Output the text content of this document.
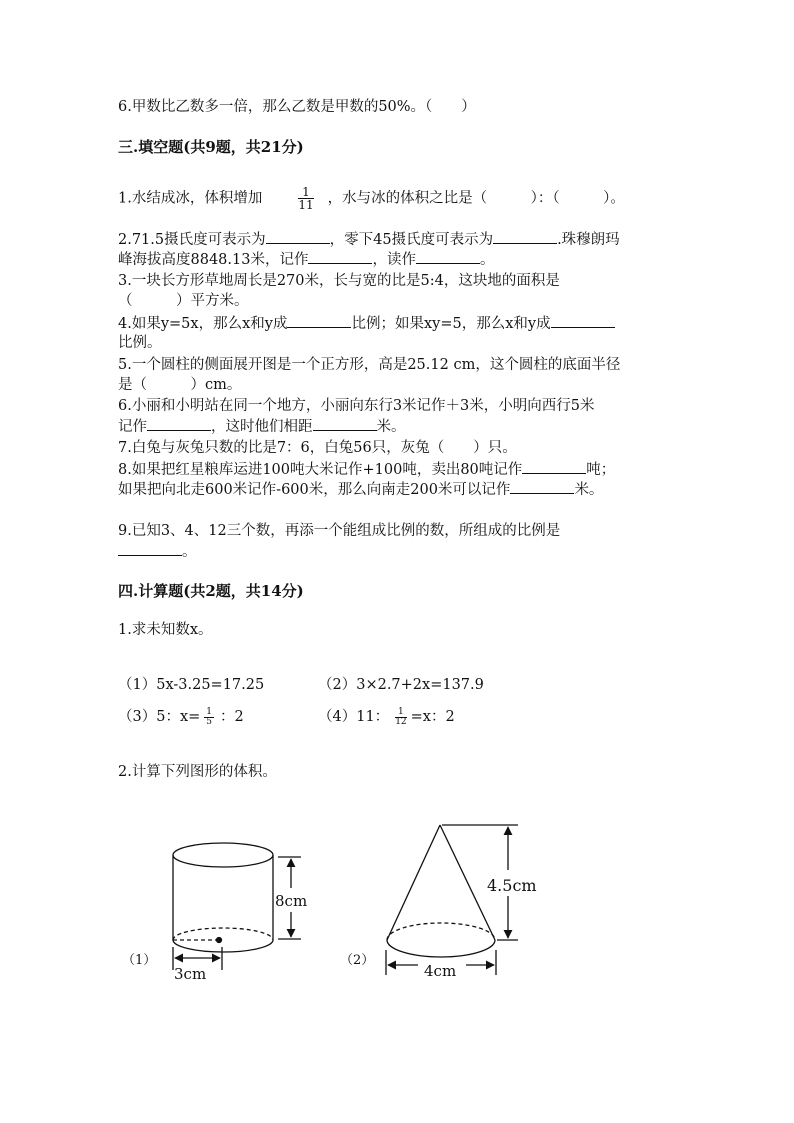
6.甲数比乙数多一倍，那么乙数是甲数的50%。（　　）
三.填空题(共9题，共21分)
1.水结成冰，体积增加	$\frac{1}{11}$ ，水与冰的体积之比是（　　　）：（　　　）。
2.71.5摄氏度可表示为	，零下45摄氏度可表示为	.珠穆朗玛
峰海拔高度8848.13米，记作	，读作	。
3.一块长方形草地周长是270米，长与宽的比是5:4，这块地的面积是
（　　　）平方米。
4.如果y=5x，那么x和y成	比例；如果xy=5，那么x和y成
比例。
5.一个圆柱的侧面展开图是一个正方形，高是25.12 cm，这个圆柱的底面半径
是（　　　）cm。
6.小丽和小明站在同一个地方，小丽向东行3米记作＋3米，小明向西行5米
记作	，这时他们相距	米。
7.白兔与灰兔只数的比是7：6，白兔56只，灰兔（　　）只。
8.如果把红星粮库运进100吨大米记作+100吨，卖出80吨记作	吨；
如果把向北走600米记作-600米，那么向南走200米可以记作	米。
9.已知3、4、12三个数，再添一个能组成比例的数，所组成的比例是
。
四.计算题(共2题，共14分)
1.求未知数x。
（1）5x-3.25=17.25	（2）3×2.7+2x=137.9
（3）5：$x= \frac{1}{5}$ ：2	（4）11： $\frac{1}{12} =x$：2
2.计算下列图形的体积。
8cm
3cm
（1）
4.5cm
4cm
（2）
